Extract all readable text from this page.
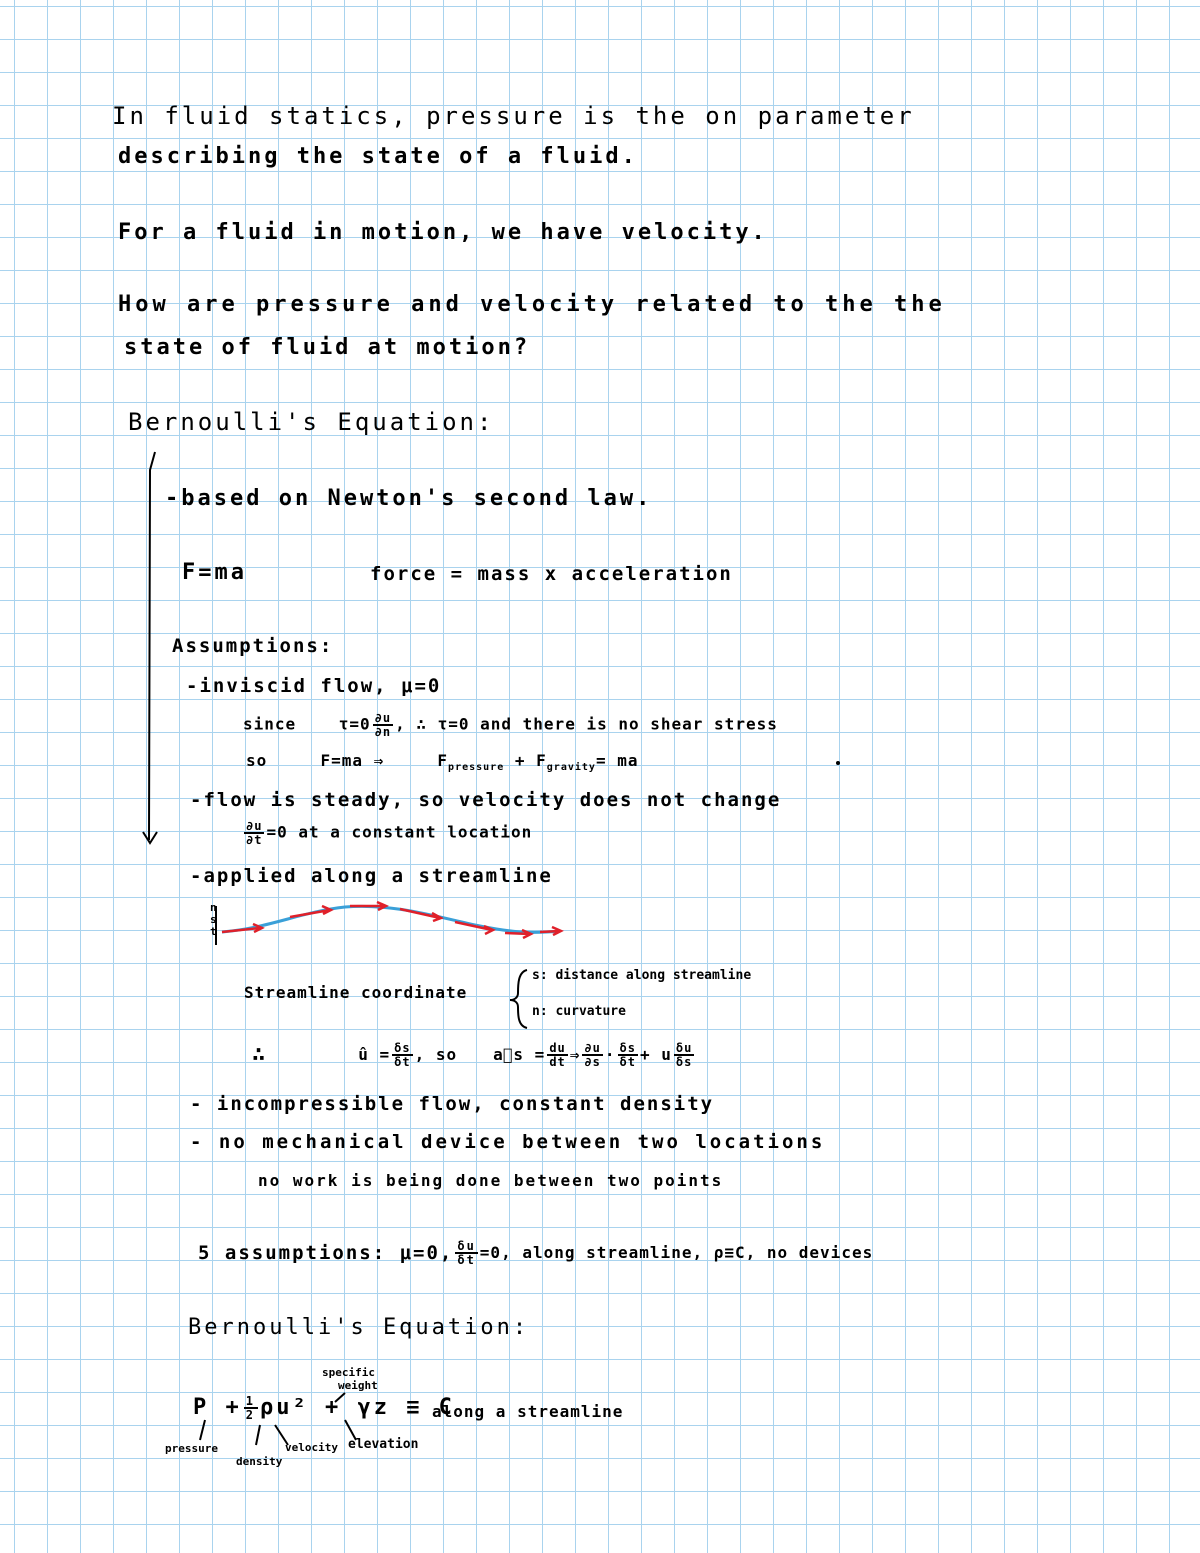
In fluid statics, pressure is the on parameter
describing the state of a fluid.
For a fluid in motion, we have velocity.
How are pressure and velocity related to the the
state of fluid at motion?
Bernoulli's Equation:
-based on Newton's second law.
F=ma	force = mass x acceleration
Assumptions:
-inviscid flow, μ=0
since	$\tau=0 \frac{\partial u}{\partial n}$ , ∴ τ=0 and there is no shear stress
so	F=ma ⇒	$F_{pressure} + F_{gravity}=$ ma
-flow is steady, so velocity does not change
$\frac{\partial u}{\partial t} =0$ at a constant location
-applied along a streamline
n
s
t
Streamline coordinate
s: distance along streamline
n: curvature
∴	û = $\frac{\delta s}{\delta t}$ , so a⃗s = $\frac{du}{dt}$ ⇒ $\frac{\partial u}{\partial s} \cdot \frac{\delta s}{\delta t} + u \frac{\delta u}{\delta s}$
- incompressible flow, constant density
- no mechanical device between two locations
no work is being done between two points
5 assumptions: μ=0, $\frac{\delta u}{\delta t} =0$, along streamline, ρ≡C, no devices
Bernoulli's Equation:
specific
weight
$P + \frac{1}{2} \rho u^2 + \gamma z \equiv C$
along a streamline
pressure
density
velocity elevation
